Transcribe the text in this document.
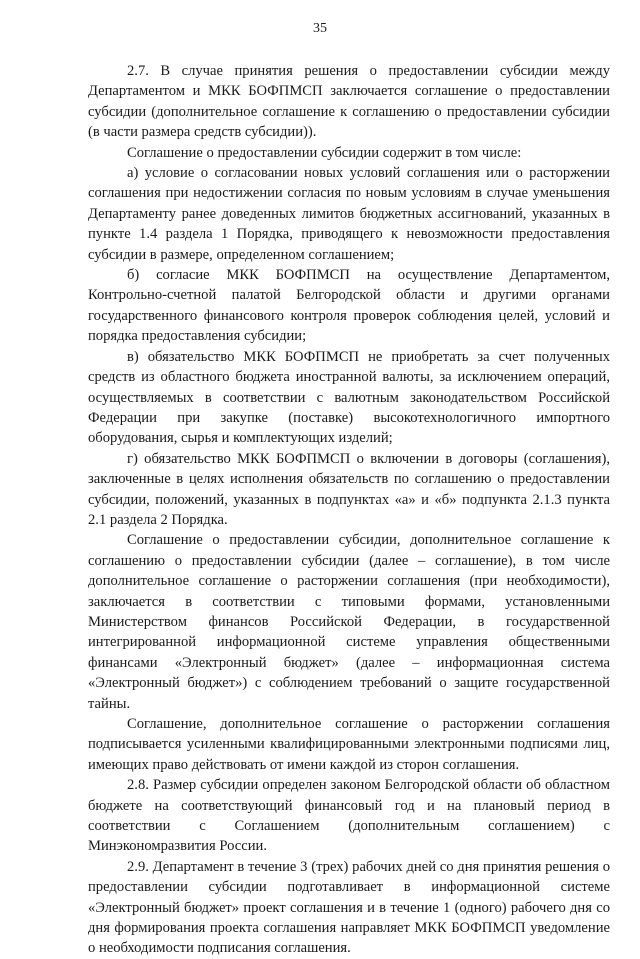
35

2.7. В случае принятия решения о предоставлении субсидии между Департаментом и МКК БОФПМСП заключается соглашение о предоставлении субсидии (дополнительное соглашение к соглашению о предоставлении субсидии (в части размера средств субсидии)).

Соглашение о предоставлении субсидии содержит в том числе:

а) условие о согласовании новых условий соглашения или о расторжении соглашения при недостижении согласия по новым условиям в случае уменьшения Департаменту ранее доведенных лимитов бюджетных ассигнований, указанных в пункте 1.4 раздела 1 Порядка, приводящего к невозможности предоставления субсидии в размере, определенном соглашением;

б) согласие МКК БОФПМСП на осуществление Департаментом, Контрольно-счетной палатой Белгородской области и другими органами государственного финансового контроля проверок соблюдения целей, условий и порядка предоставления субсидии;

в) обязательство МКК БОФПМСП не приобретать за счет полученных средств из областного бюджета иностранной валюты, за исключением операций, осуществляемых в соответствии с валютным законодательством Российской Федерации при закупке (поставке) высокотехнологичного импортного оборудования, сырья и комплектующих изделий;

г) обязательство МКК БОФПМСП о включении в договоры (соглашения), заключенные в целях исполнения обязательств по соглашению о предоставлении субсидии, положений, указанных в подпунктах «а» и «б» подпункта 2.1.3 пункта 2.1 раздела 2 Порядка.

Соглашение о предоставлении субсидии, дополнительное соглашение к соглашению о предоставлении субсидии (далее – соглашение), в том числе дополнительное соглашение о расторжении соглашения (при необходимости), заключается в соответствии с типовыми формами, установленными Министерством финансов Российской Федерации, в государственной интегрированной информационной системе управления общественными финансами «Электронный бюджет» (далее – информационная система «Электронный бюджет») с соблюдением требований о защите государственной тайны.

Соглашение, дополнительное соглашение о расторжении соглашения подписывается усиленными квалифицированными электронными подписями лиц, имеющих право действовать от имени каждой из сторон соглашения.

2.8. Размер субсидии определен законом Белгородской области об областном бюджете на соответствующий финансовый год и на плановый период в соответствии с Соглашением (дополнительным соглашением) с Минэкономразвития России.

2.9. Департамент в течение 3 (трех) рабочих дней со дня принятия решения о предоставлении субсидии подготавливает в информационной системе «Электронный бюджет» проект соглашения и в течение 1 (одного) рабочего дня со дня формирования проекта соглашения направляет МКК БОФПМСП уведомление о необходимости подписания соглашения.
